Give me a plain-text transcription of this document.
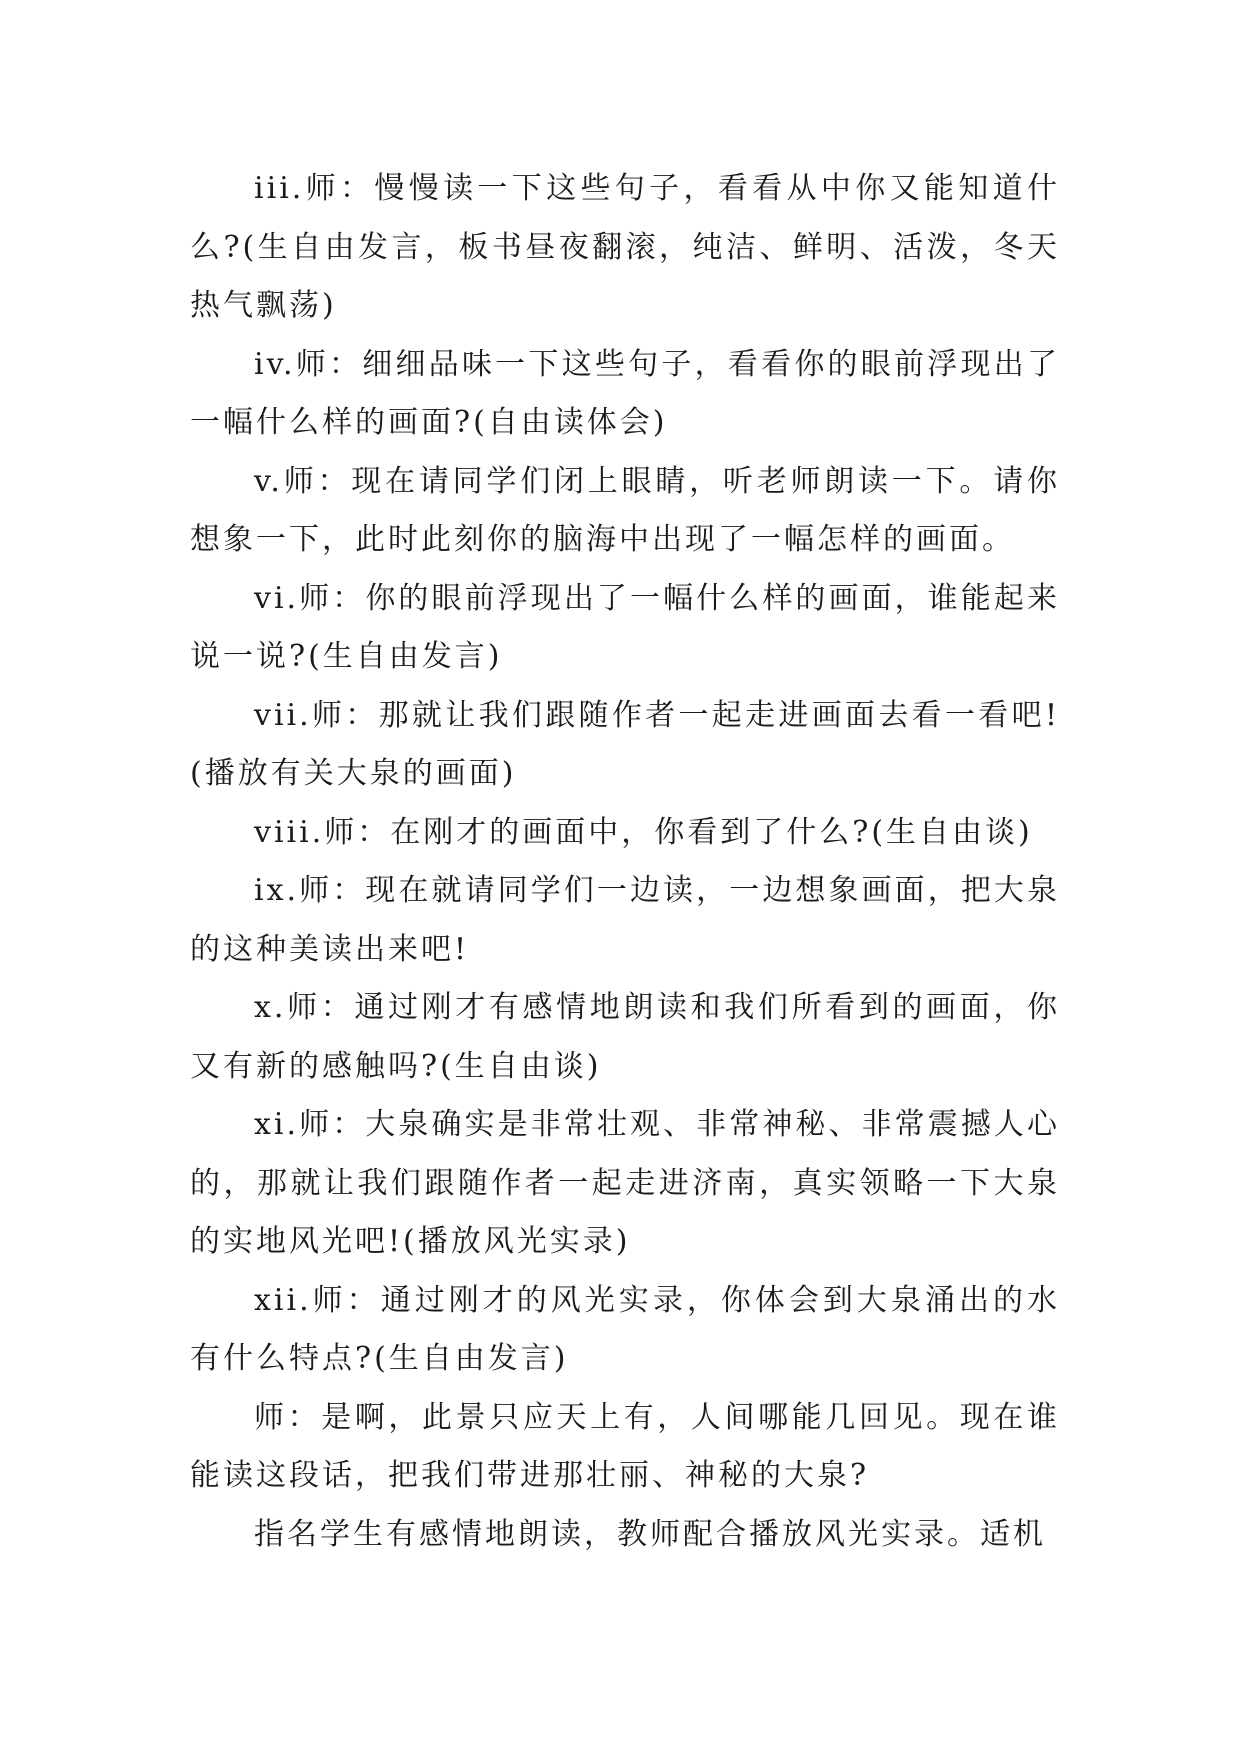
iii.师：慢慢读一下这些句子，看看从中你又能知道什么?(生自由发言，板书昼夜翻滚，纯洁、鲜明、活泼，冬天热气飘荡)

iv.师：细细品味一下这些句子，看看你的眼前浮现出了一幅什么样的画面?(自由读体会)

v.师：现在请同学们闭上眼睛，听老师朗读一下。请你想象一下，此时此刻你的脑海中出现了一幅怎样的画面。

vi.师：你的眼前浮现出了一幅什么样的画面，谁能起来说一说?(生自由发言)

vii.师：那就让我们跟随作者一起走进画面去看一看吧!(播放有关大泉的画面)

viii.师：在刚才的画面中，你看到了什么?(生自由谈)

ix.师：现在就请同学们一边读，一边想象画面，把大泉的这种美读出来吧!

x.师：通过刚才有感情地朗读和我们所看到的画面，你又有新的感触吗?(生自由谈)

xi.师：大泉确实是非常壮观、非常神秘、非常震撼人心的，那就让我们跟随作者一起走进济南，真实领略一下大泉的实地风光吧!(播放风光实录)

xii.师：通过刚才的风光实录，你体会到大泉涌出的水有什么特点?(生自由发言)

师：是啊，此景只应天上有，人间哪能几回见。现在谁能读这段话，把我们带进那壮丽、神秘的大泉?

指名学生有感情地朗读，教师配合播放风光实录。适机
